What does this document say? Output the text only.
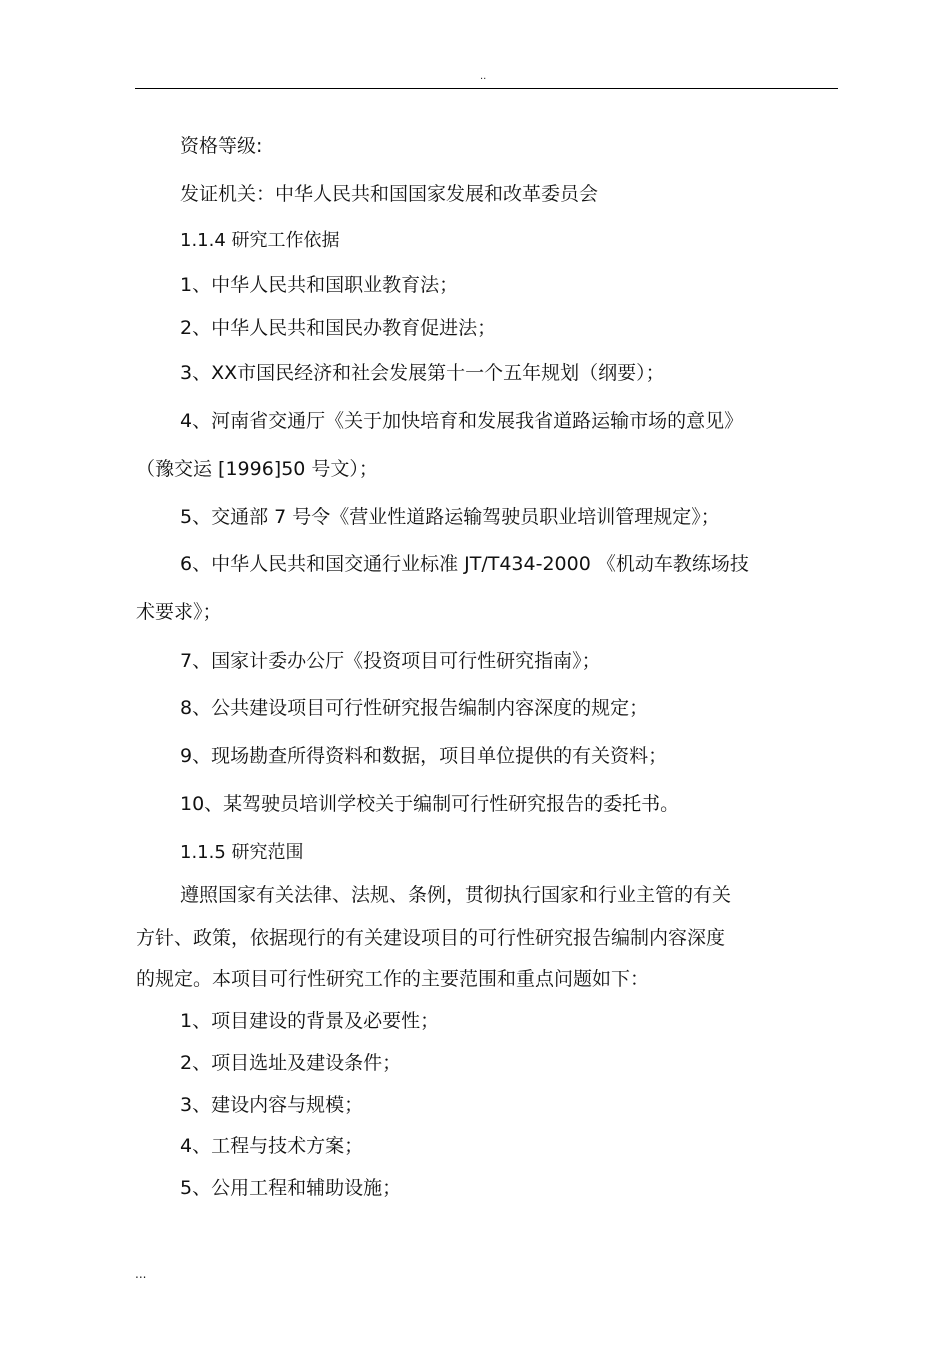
..
资格等级:
发证机关：中华人民共和国国家发展和改革委员会
1.1.4 研究工作依据
1、中华人民共和国职业教育法；
2、中华人民共和国民办教育促进法；
3、XX市国民经济和社会发展第十一个五年规划（纲要）；
4、河南省交通厅《关于加快培育和发展我省道路运输市场的意见》
（豫交运 [1996]50 号文）；
5、交通部 7 号令《营业性道路运输驾驶员职业培训管理规定》；
6、中华人民共和国交通行业标准 JT/T434-2000 《机动车教练场技
术要求》；
7、国家计委办公厅《投资项目可行性研究指南》；
8、公共建设项目可行性研究报告编制内容深度的规定；
9、现场勘查所得资料和数据，项目单位提供的有关资料；
10、某驾驶员培训学校关于编制可行性研究报告的委托书。
1.1.5 研究范围
遵照国家有关法律、法规、条例，贯彻执行国家和行业主管的有关
方针、政策，依据现行的有关建设项目的可行性研究报告编制内容深度
的规定。本项目可行性研究工作的主要范围和重点问题如下：
1、项目建设的背景及必要性；
2、项目选址及建设条件；
3、建设内容与规模；
4、工程与技术方案；
5、公用工程和辅助设施；
...
